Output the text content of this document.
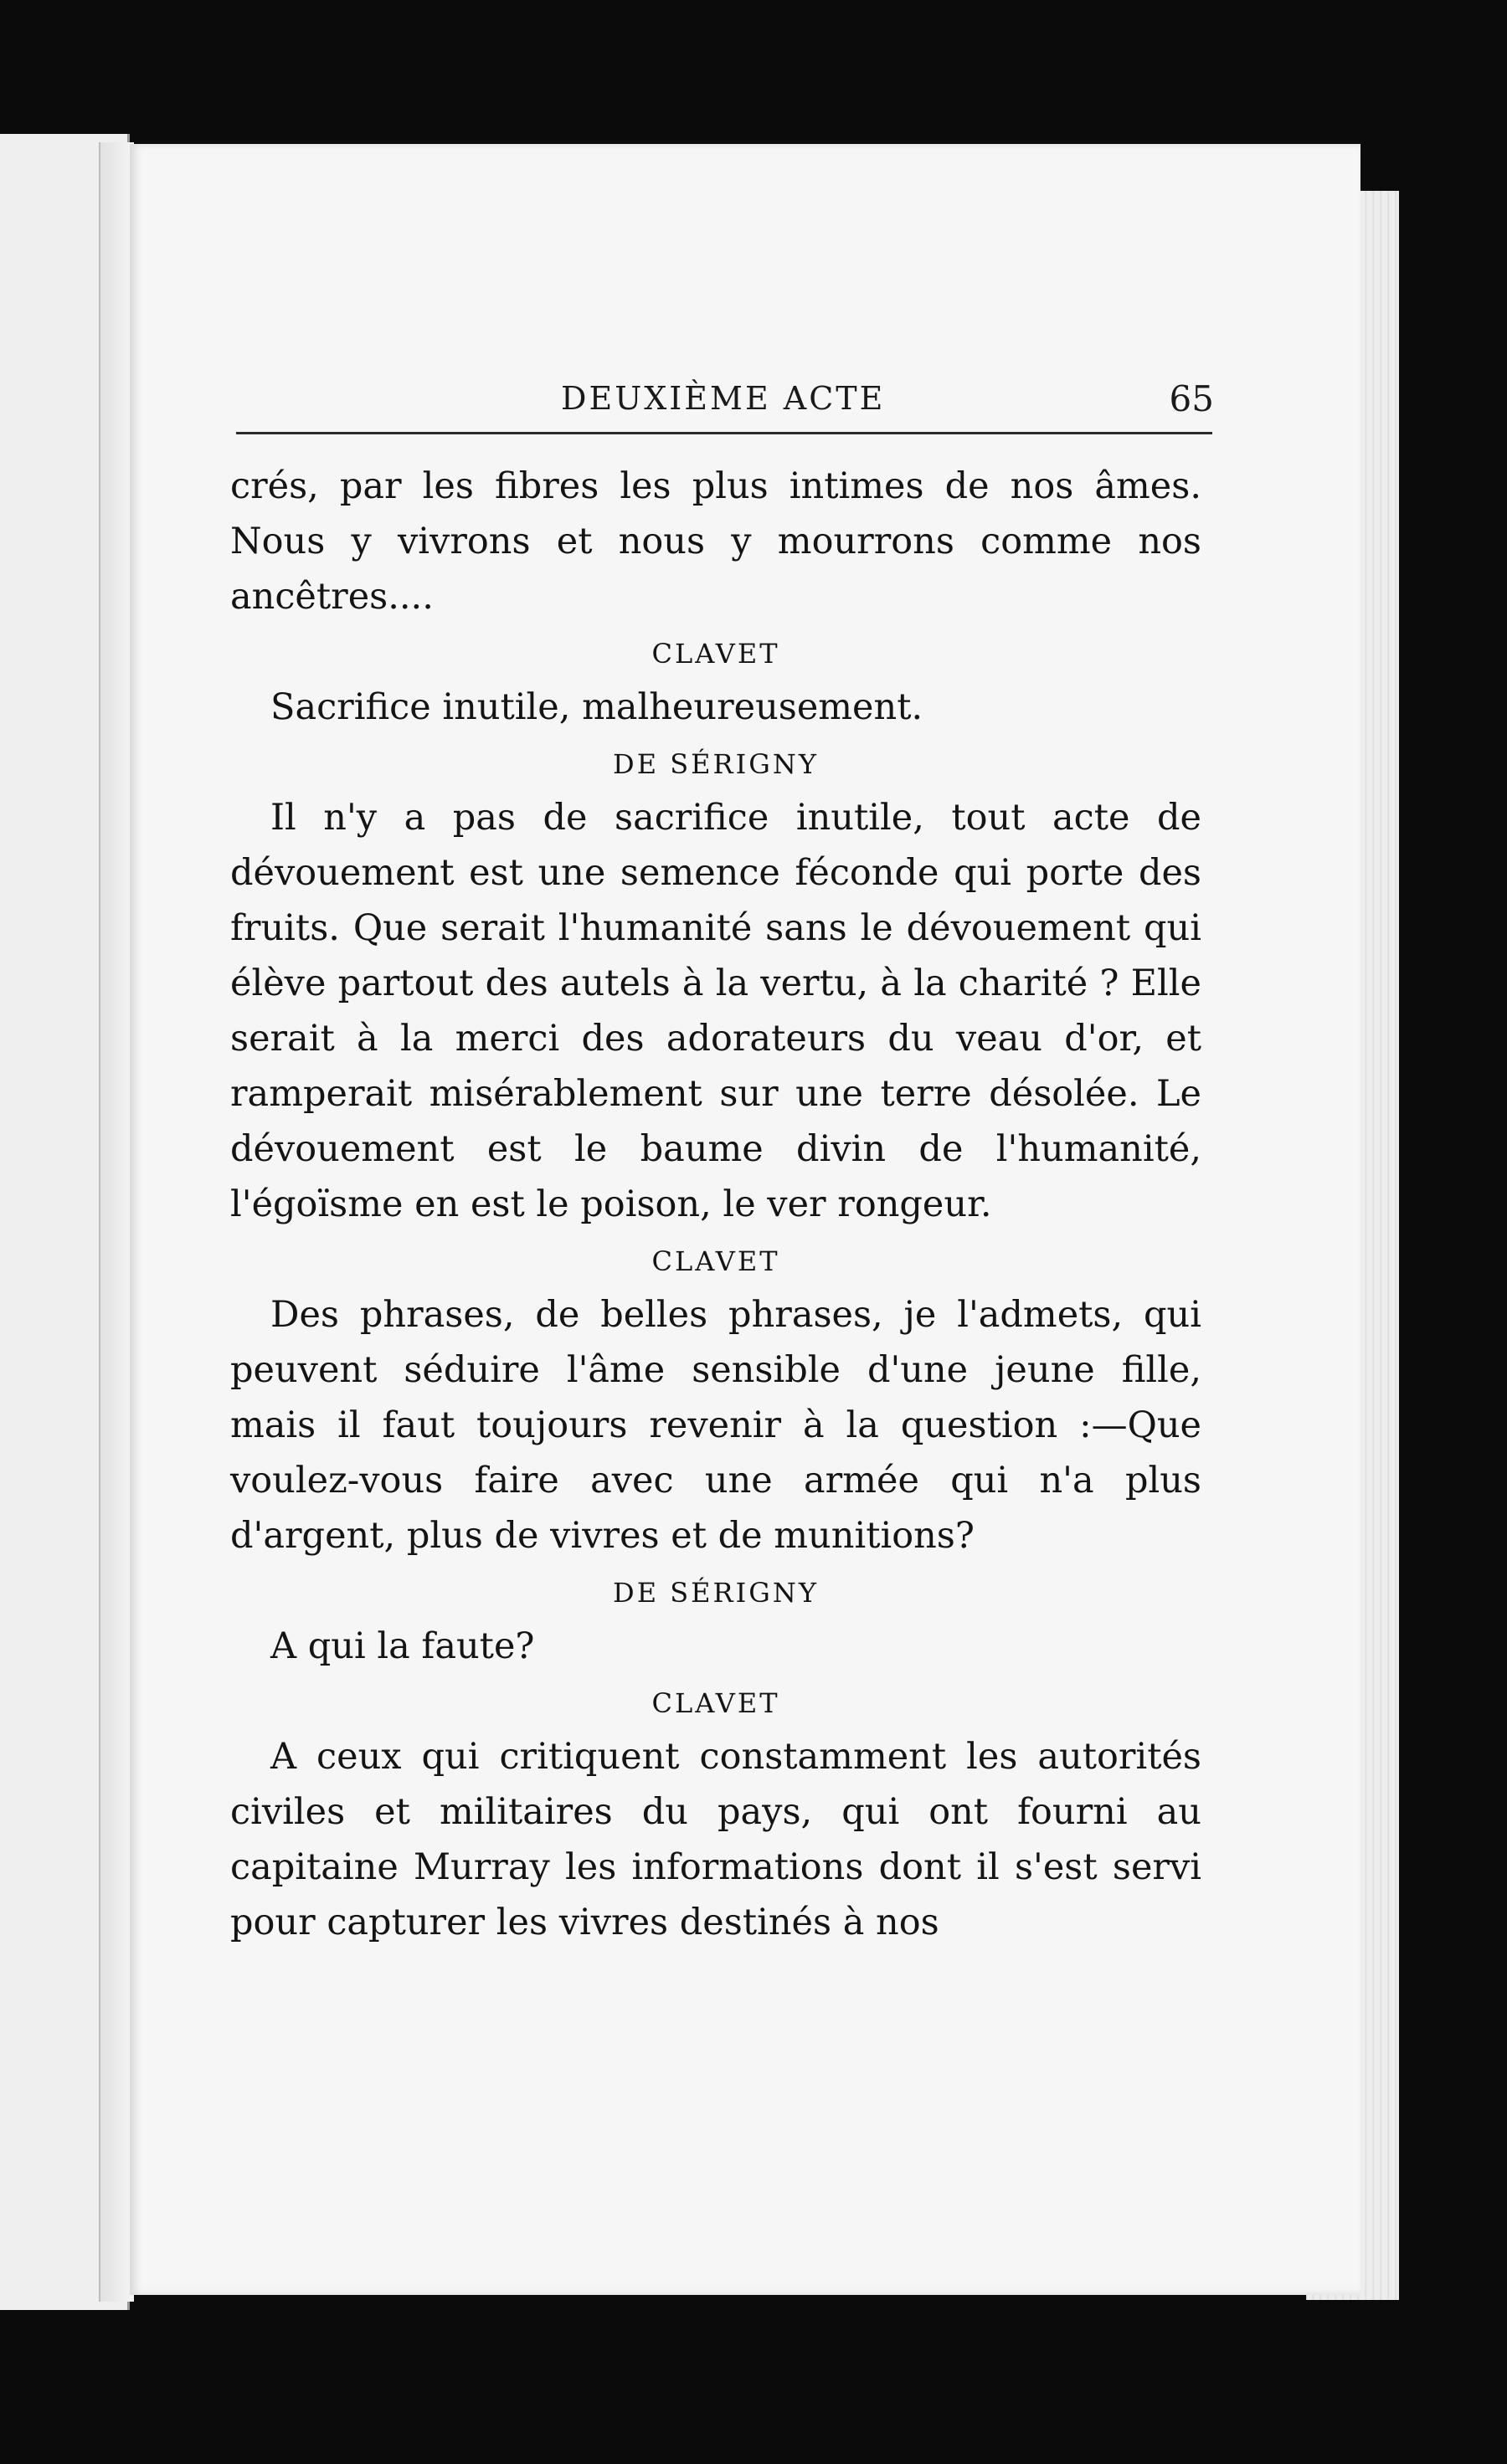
DEUXIÈME ACTE	65

crés, par les fibres les plus intimes de nos âmes. Nous y vivrons et nous y mourrons comme nos ancêtres....

CLAVET

Sacrifice inutile, malheureusement.

DE SÉRIGNY

Il n'y a pas de sacrifice inutile, tout acte de dévouement est une semence féconde qui porte des fruits. Que serait l'humanité sans le dévouement qui élève partout des autels à la vertu, à la charité ? Elle serait à la merci des adorateurs du veau d'or, et ramperait misérablement sur une terre désolée. Le dévouement est le baume divin de l'humanité, l'égoïsme en est le poison, le ver rongeur.

CLAVET

Des phrases, de belles phrases, je l'admets, qui peuvent séduire l'âme sensible d'une jeune fille, mais il faut toujours revenir à la question :—Que voulez-vous faire avec une armée qui n'a plus d'argent, plus de vivres et de munitions?

DE SÉRIGNY

A qui la faute?

CLAVET

A ceux qui critiquent constamment les autorités civiles et militaires du pays, qui ont fourni au capitaine Murray les informations dont il s'est servi pour capturer les vivres destinés à nos
